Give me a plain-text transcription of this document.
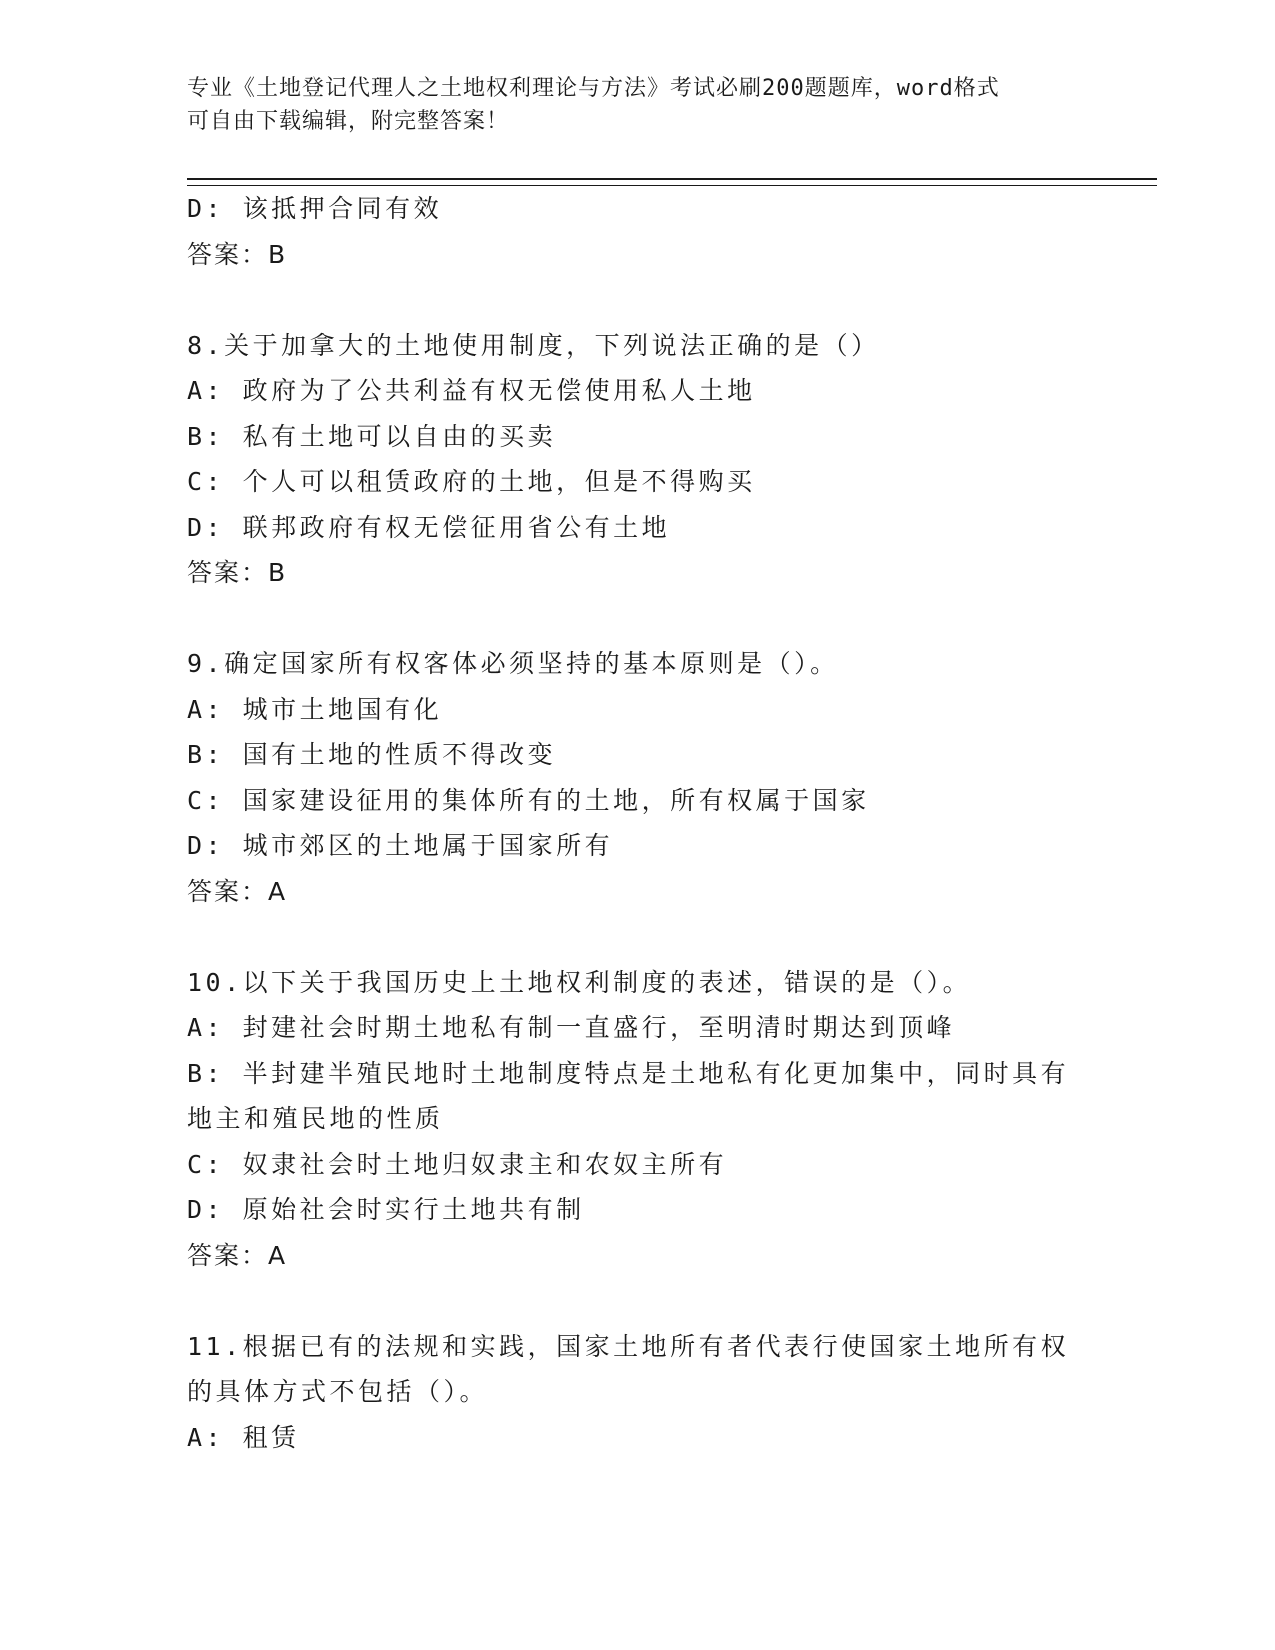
专业《土地登记代理人之土地权利理论与方法》考试必刷200题题库，word格式
可自由下载编辑，附完整答案！
D: 该抵押合同有效
答案：B
8.关于加拿大的土地使用制度，下列说法正确的是（）
A: 政府为了公共利益有权无偿使用私人土地
B: 私有土地可以自由的买卖
C: 个人可以租赁政府的土地，但是不得购买
D: 联邦政府有权无偿征用省公有土地
答案：B
9.确定国家所有权客体必须坚持的基本原则是（）。
A: 城市土地国有化
B: 国有土地的性质不得改变
C: 国家建设征用的集体所有的土地，所有权属于国家
D: 城市郊区的土地属于国家所有
答案：A
10.以下关于我国历史上土地权利制度的表述，错误的是（）。
A: 封建社会时期土地私有制一直盛行，至明清时期达到顶峰
B: 半封建半殖民地时土地制度特点是土地私有化更加集中，同时具有
地主和殖民地的性质
C: 奴隶社会时土地归奴隶主和农奴主所有
D: 原始社会时实行土地共有制
答案：A
11.根据已有的法规和实践，国家土地所有者代表行使国家土地所有权
的具体方式不包括（）。
A: 租赁
